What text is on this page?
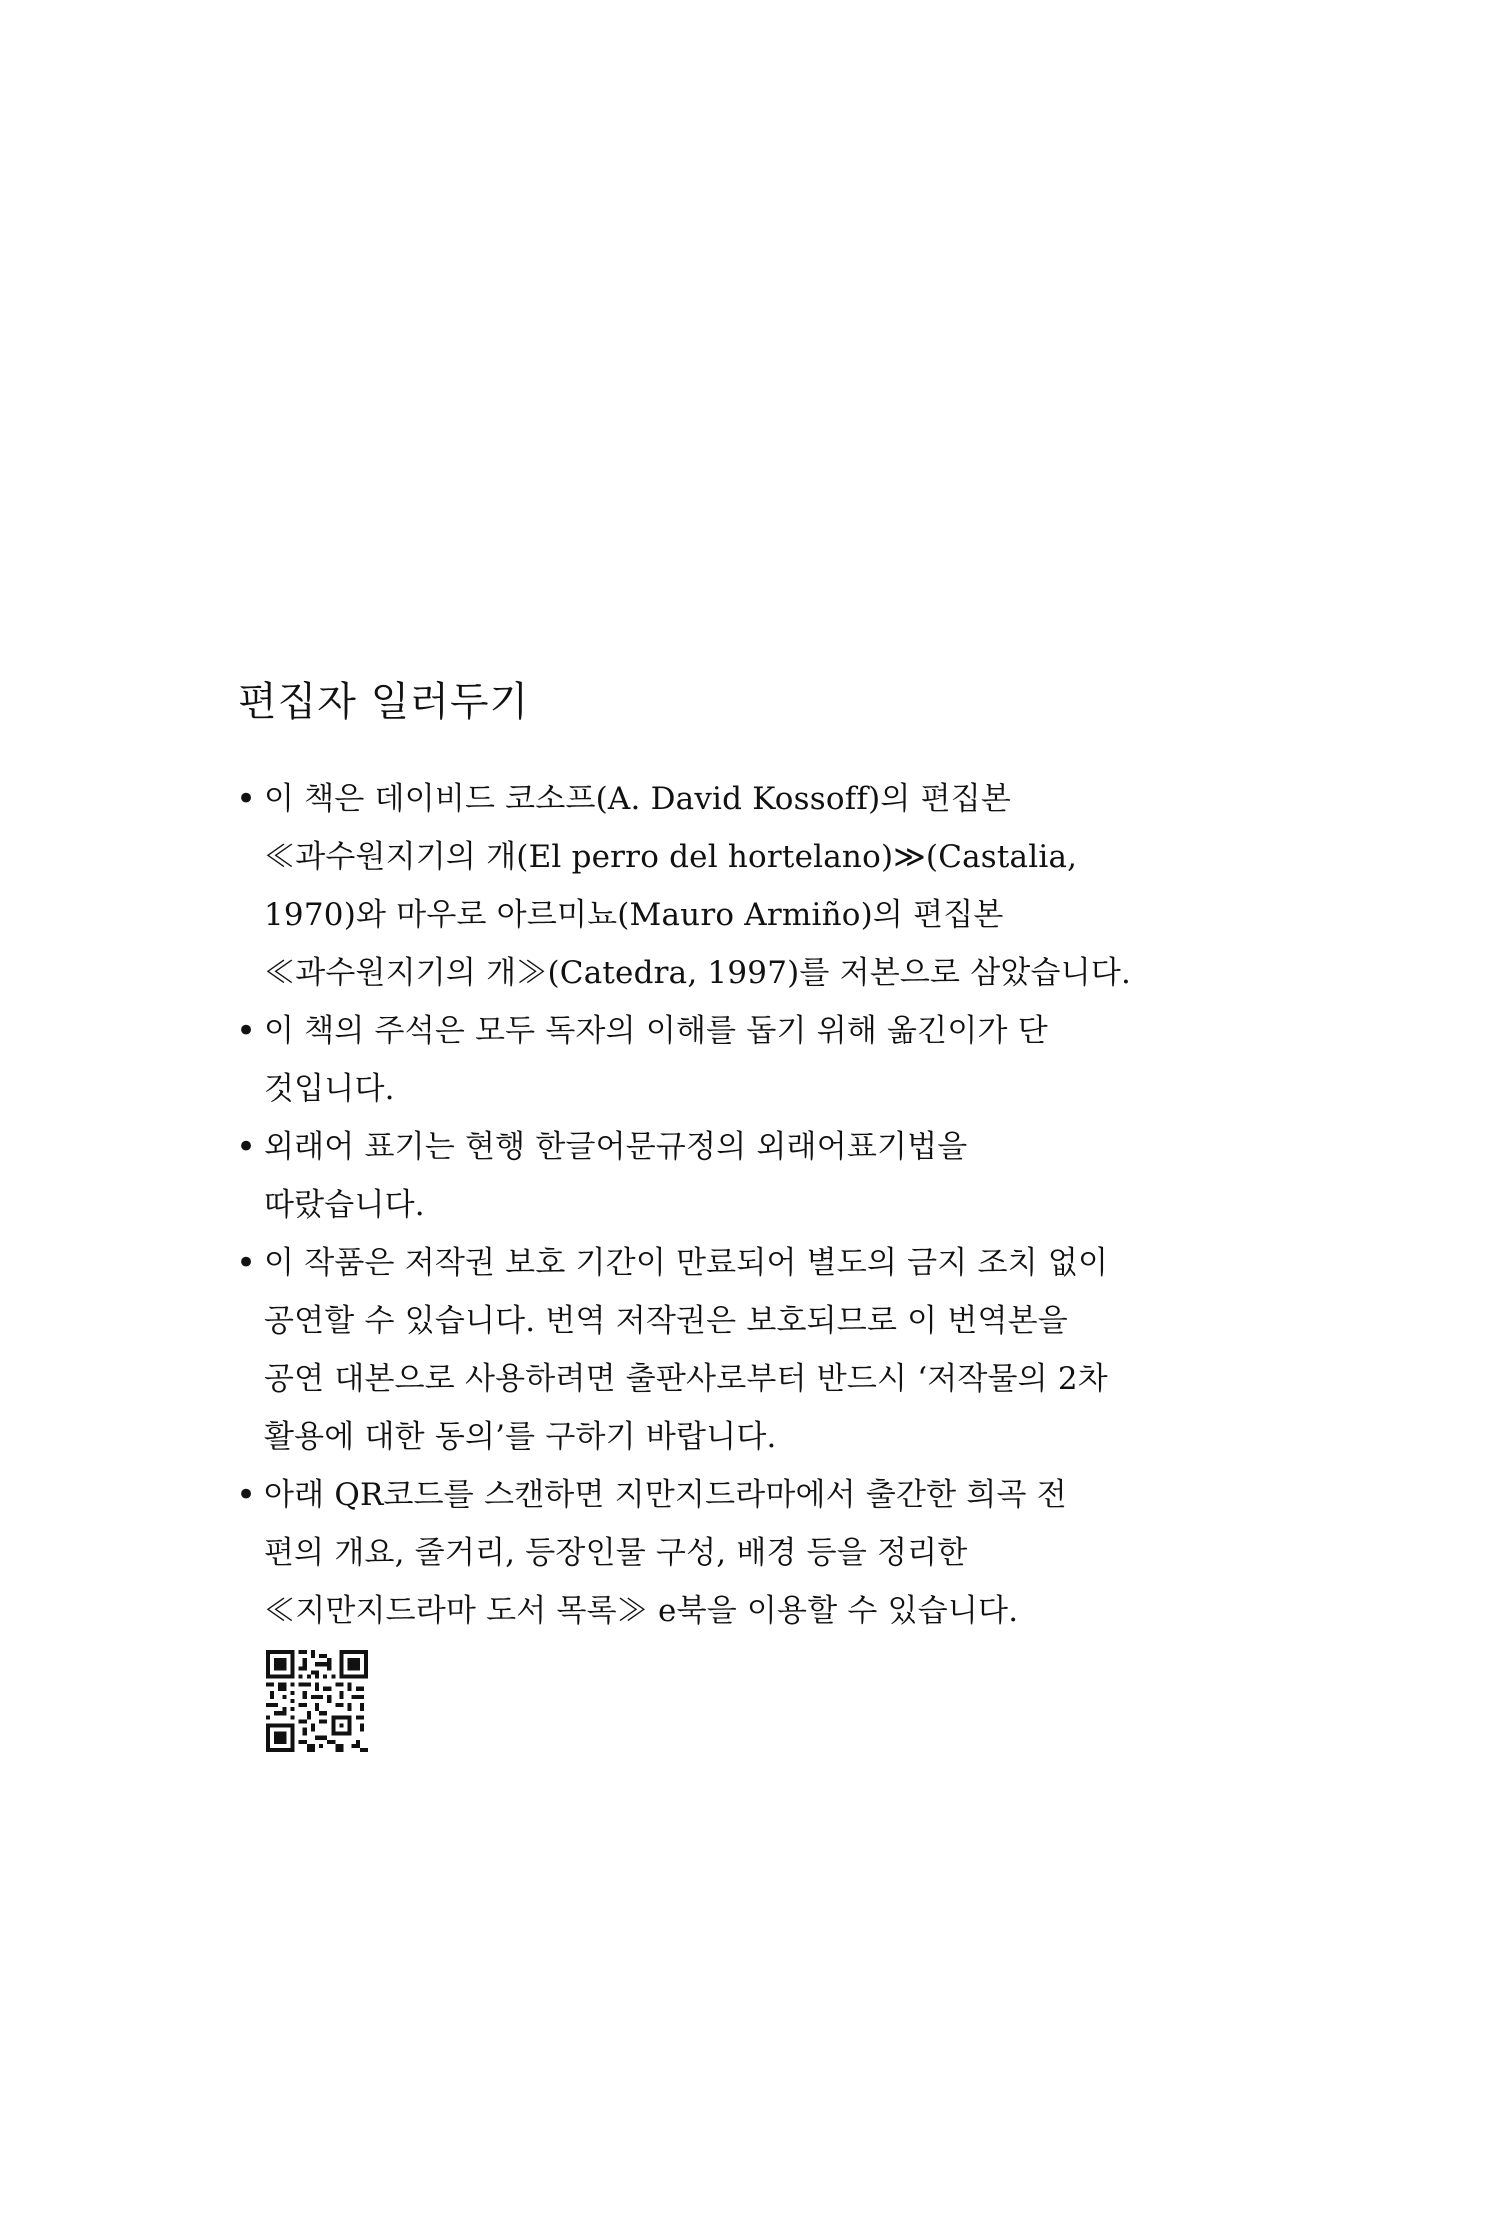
편집자 일러두기
• 이 책은 데이비드 코소프(A. David Kossoff)의 편집본
≪과수원지기의 개(El perro del hortelano)≫(Castalia,
1970)와 마우로 아르미뇨(Mauro Armiño)의 편집본
≪과수원지기의 개≫(Catedra, 1997)를 저본으로 삼았습니다.
• 이 책의 주석은 모두 독자의 이해를 돕기 위해 옮긴이가 단
것입니다.
• 외래어 표기는 현행 한글어문규정의 외래어표기법을
따랐습니다.
• 이 작품은 저작권 보호 기간이 만료되어 별도의 금지 조치 없이
공연할 수 있습니다. 번역 저작권은 보호되므로 이 번역본을
공연 대본으로 사용하려면 출판사로부터 반드시 ‘저작물의 2차
활용에 대한 동의’를 구하기 바랍니다.
• 아래 QR코드를 스캔하면 지만지드라마에서 출간한 희곡 전
편의 개요, 줄거리, 등장인물 구성, 배경 등을 정리한
≪지만지드라마 도서 목록≫ e북을 이용할 수 있습니다.
